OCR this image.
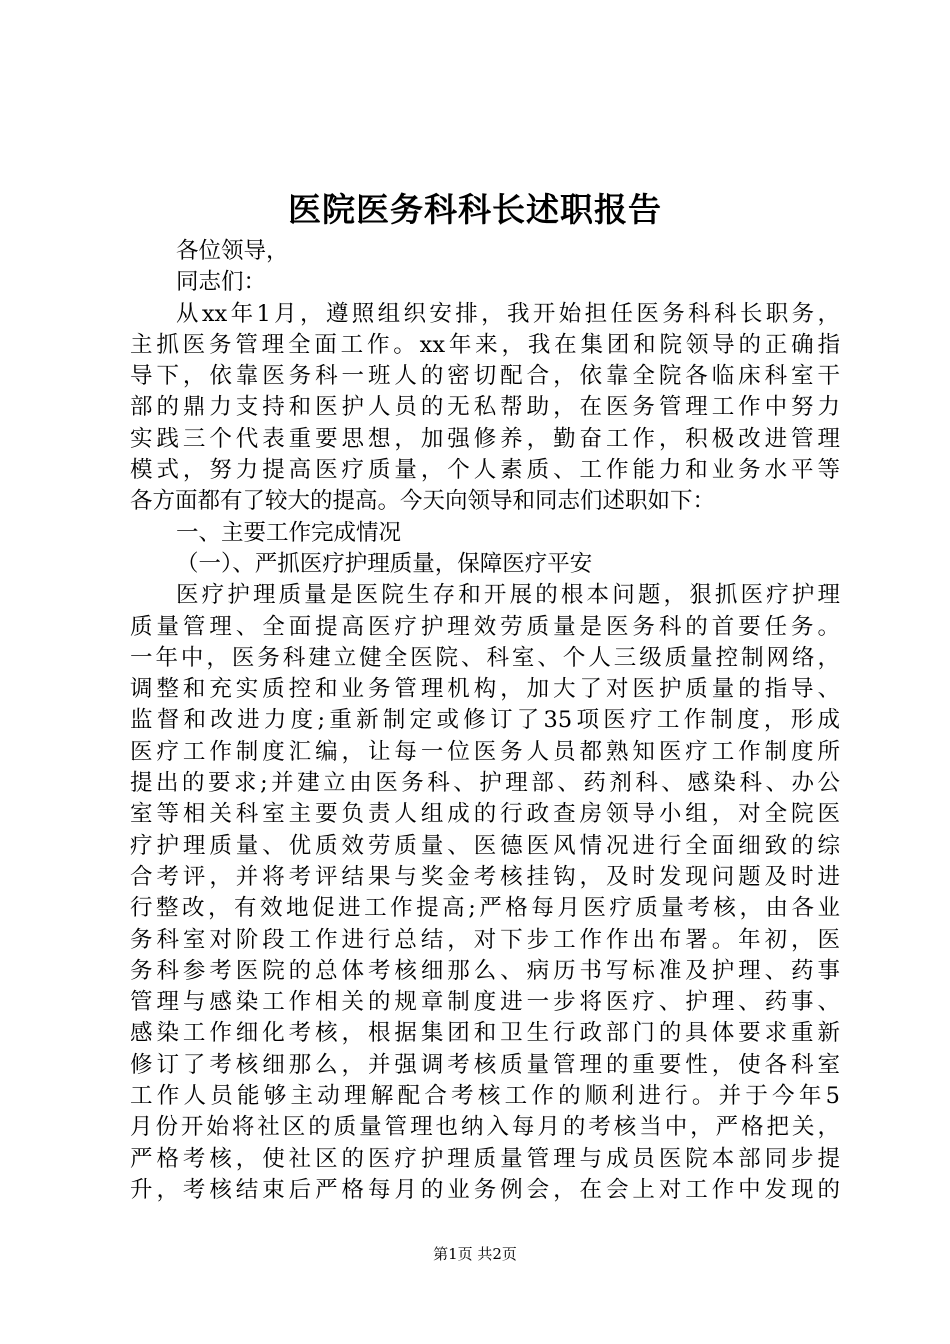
医院医务科科长述职报告
各位领导，
同志们：
从xx年1月，遵照组织安排，我开始担任医务科科长职务，
主抓医务管理全面工作。xx年来，我在集团和院领导的正确指
导下，依靠医务科一班人的密切配合，依靠全院各临床科室干
部的鼎力支持和医护人员的无私帮助，在医务管理工作中努力
实践三个代表重要思想，加强修养，勤奋工作，积极改进管理
模式，努力提高医疗质量，个人素质、工作能力和业务水平等
各方面都有了较大的提高。今天向领导和同志们述职如下：
一、主要工作完成情况
（一）、严抓医疗护理质量，保障医疗平安
医疗护理质量是医院生存和开展的根本问题，狠抓医疗护理
质量管理、全面提高医疗护理效劳质量是医务科的首要任务。
一年中，医务科建立健全医院、科室、个人三级质量控制网络，
调整和充实质控和业务管理机构，加大了对医护质量的指导、
监督和改进力度;重新制定或修订了35项医疗工作制度，形成
医疗工作制度汇编，让每一位医务人员都熟知医疗工作制度所
提出的要求;并建立由医务科、护理部、药剂科、感染科、办公
室等相关科室主要负责人组成的行政查房领导小组，对全院医
疗护理质量、优质效劳质量、医德医风情况进行全面细致的综
合考评，并将考评结果与奖金考核挂钩，及时发现问题及时进
行整改，有效地促进工作提高;严格每月医疗质量考核，由各业
务科室对阶段工作进行总结，对下步工作作出布署。年初，医
务科参考医院的总体考核细那么、病历书写标准及护理、药事
管理与感染工作相关的规章制度进一步将医疗、护理、药事、
感染工作细化考核，根据集团和卫生行政部门的具体要求重新
修订了考核细那么，并强调考核质量管理的重要性，使各科室
工作人员能够主动理解配合考核工作的顺利进行。并于今年5
月份开始将社区的质量管理也纳入每月的考核当中，严格把关，
严格考核，使社区的医疗护理质量管理与成员医院本部同步提
升，考核结束后严格每月的业务例会，在会上对工作中发现的
第1页 共2页
